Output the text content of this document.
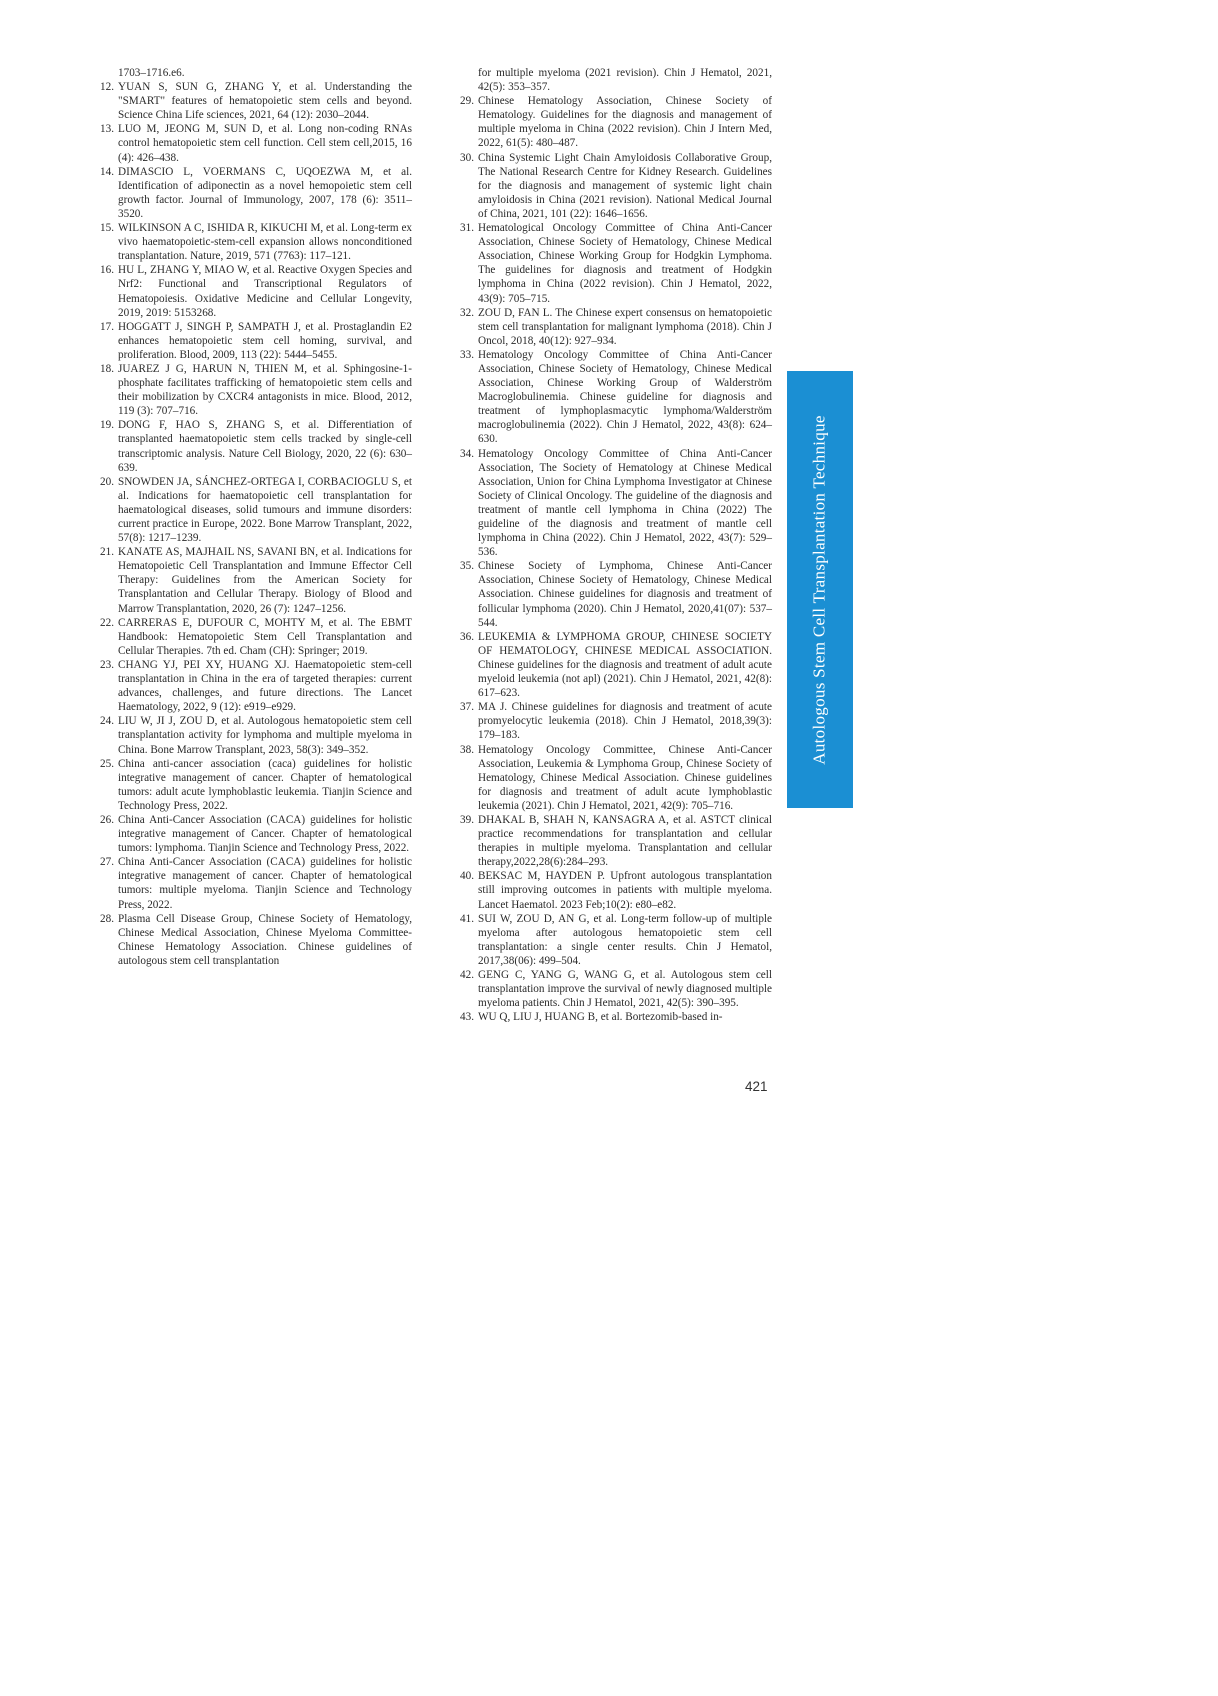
1703–1716.e6.

12. YUAN S, SUN G, ZHANG Y, et al. Understanding the "SMART" features of hematopoietic stem cells and beyond. Science China Life sciences, 2021, 64 (12): 2030–2044.

13. LUO M, JEONG M, SUN D, et al. Long non-coding RNAs control hematopoietic stem cell function. Cell stem cell,2015, 16 (4): 426–438.

14. DIMASCIO L, VOERMANS C, UQOEZWA M, et al. Identification of adiponectin as a novel hemopoietic stem cell growth factor. Journal of Immunology, 2007, 178 (6): 3511–3520.

15. WILKINSON A C, ISHIDA R, KIKUCHI M, et al. Long-term ex vivo haematopoietic-stem-cell expansion allows nonconditioned transplantation. Nature, 2019, 571 (7763): 117–121.

16. HU L, ZHANG Y, MIAO W, et al. Reactive Oxygen Species and Nrf2: Functional and Transcriptional Regulators of Hematopoiesis. Oxidative Medicine and Cellular Longevity, 2019, 2019: 5153268.

17. HOGGATT J, SINGH P, SAMPATH J, et al. Prostaglandin E2 enhances hematopoietic stem cell homing, survival, and proliferation. Blood, 2009, 113 (22): 5444–5455.

18. JUAREZ J G, HARUN N, THIEN M, et al. Sphingosine-1-phosphate facilitates trafficking of hematopoietic stem cells and their mobilization by CXCR4 antagonists in mice. Blood, 2012, 119 (3): 707–716.

19. DONG F, HAO S, ZHANG S, et al. Differentiation of transplanted haematopoietic stem cells tracked by single-cell transcriptomic analysis. Nature Cell Biology, 2020, 22 (6): 630–639.

20. SNOWDEN JA, SÁNCHEZ-ORTEGA I, CORBACIOGLU S, et al. Indications for haematopoietic cell transplantation for haematological diseases, solid tumours and immune disorders: current practice in Europe, 2022. Bone Marrow Transplant, 2022, 57(8): 1217–1239.

21. KANATE AS, MAJHAIL NS, SAVANI BN, et al. Indications for Hematopoietic Cell Transplantation and Immune Effector Cell Therapy: Guidelines from the American Society for Transplantation and Cellular Therapy. Biology of Blood and Marrow Transplantation, 2020, 26 (7): 1247–1256.

22. CARRERAS E, DUFOUR C, MOHTY M, et al. The EBMT Handbook: Hematopoietic Stem Cell Transplantation and Cellular Therapies. 7th ed. Cham (CH): Springer; 2019.

23. CHANG YJ, PEI XY, HUANG XJ. Haematopoietic stem-cell transplantation in China in the era of targeted therapies: current advances, challenges, and future directions. The Lancet Haematology, 2022, 9 (12): e919–e929.

24. LIU W, JI J, ZOU D, et al. Autologous hematopoietic stem cell transplantation activity for lymphoma and multiple myeloma in China. Bone Marrow Transplant, 2023, 58(3): 349–352.

25. China anti-cancer association (caca) guidelines for holistic integrative management of cancer. Chapter of hematological tumors: adult acute lymphoblastic leukemia. Tianjin Science and Technology Press, 2022.

26. China Anti-Cancer Association (CACA) guidelines for holistic integrative management of Cancer. Chapter of hematological tumors: lymphoma. Tianjin Science and Technology Press, 2022.

27. China Anti-Cancer Association (CACA) guidelines for holistic integrative management of cancer. Chapter of hematological tumors: multiple myeloma. Tianjin Science and Technology Press, 2022.

28. Plasma Cell Disease Group, Chinese Society of Hematology, Chinese Medical Association, Chinese Myeloma Committee-Chinese Hematology Association. Chinese guidelines of autologous stem cell transplantation

for multiple myeloma (2021 revision). Chin J Hematol, 2021, 42(5): 353–357.

29. Chinese Hematology Association, Chinese Society of Hematology. Guidelines for the diagnosis and management of multiple myeloma in China (2022 revision). Chin J Intern Med, 2022, 61(5): 480–487.

30. China Systemic Light Chain Amyloidosis Collaborative Group, The National Research Centre for Kidney Research. Guidelines for the diagnosis and management of systemic light chain amyloidosis in China (2021 revision). National Medical Journal of China, 2021, 101 (22): 1646–1656.

31. Hematological Oncology Committee of China Anti-Cancer Association, Chinese Society of Hematology, Chinese Medical Association, Chinese Working Group for Hodgkin Lymphoma. The guidelines for diagnosis and treatment of Hodgkin lymphoma in China (2022 revision). Chin J Hematol, 2022, 43(9): 705–715.

32. ZOU D, FAN L. The Chinese expert consensus on hematopoietic stem cell transplantation for malignant lymphoma (2018). Chin J Oncol, 2018, 40(12): 927–934.

33. Hematology Oncology Committee of China Anti-Cancer Association, Chinese Society of Hematology, Chinese Medical Association, Chinese Working Group of Walderström Macroglobulinemia. Chinese guideline for diagnosis and treatment of lymphoplasmacytic lymphoma/Walderström macroglobulinemia (2022). Chin J Hematol, 2022, 43(8): 624–630.

34. Hematology Oncology Committee of China Anti-Cancer Association, The Society of Hematology at Chinese Medical Association, Union for China Lymphoma Investigator at Chinese Society of Clinical Oncology. The guideline of the diagnosis and treatment of mantle cell lymphoma in China (2022) The guideline of the diagnosis and treatment of mantle cell lymphoma in China (2022). Chin J Hematol, 2022, 43(7): 529–536.

35. Chinese Society of Lymphoma, Chinese Anti-Cancer Association, Chinese Society of Hematology, Chinese Medical Association. Chinese guidelines for diagnosis and treatment of follicular lymphoma (2020). Chin J Hematol, 2020,41(07): 537–544.

36. LEUKEMIA & LYMPHOMA GROUP, CHINESE SOCIETY OF HEMATOLOGY, CHINESE MEDICAL ASSOCIATION. Chinese guidelines for the diagnosis and treatment of adult acute myeloid leukemia (not apl) (2021). Chin J Hematol, 2021, 42(8): 617–623.

37. MA J. Chinese guidelines for diagnosis and treatment of acute promyelocytic leukemia (2018). Chin J Hematol, 2018,39(3): 179–183.

38. Hematology Oncology Committee, Chinese Anti-Cancer Association, Leukemia & Lymphoma Group, Chinese Society of Hematology, Chinese Medical Association. Chinese guidelines for diagnosis and treatment of adult acute lymphoblastic leukemia (2021). Chin J Hematol, 2021, 42(9): 705–716.

39. DHAKAL B, SHAH N, KANSAGRA A, et al. ASTCT clinical practice recommendations for transplantation and cellular therapies in multiple myeloma. Transplantation and cellular therapy,2022,28(6):284–293.

40. BEKSAC M, HAYDEN P. Upfront autologous transplantation still improving outcomes in patients with multiple myeloma. Lancet Haematol. 2023 Feb;10(2): e80–e82.

41. SUI W, ZOU D, AN G, et al. Long-term follow-up of multiple myeloma after autologous hematopoietic stem cell transplantation: a single center results. Chin J Hematol, 2017,38(06): 499–504.

42. GENG C, YANG G, WANG G, et al. Autologous stem cell transplantation improve the survival of newly diagnosed multiple myeloma patients. Chin J Hematol, 2021, 42(5): 390–395.

43. WU Q, LIU J, HUANG B, et al. Bortezomib-based in-

Autologous Stem Cell Transplantation Technique
421
